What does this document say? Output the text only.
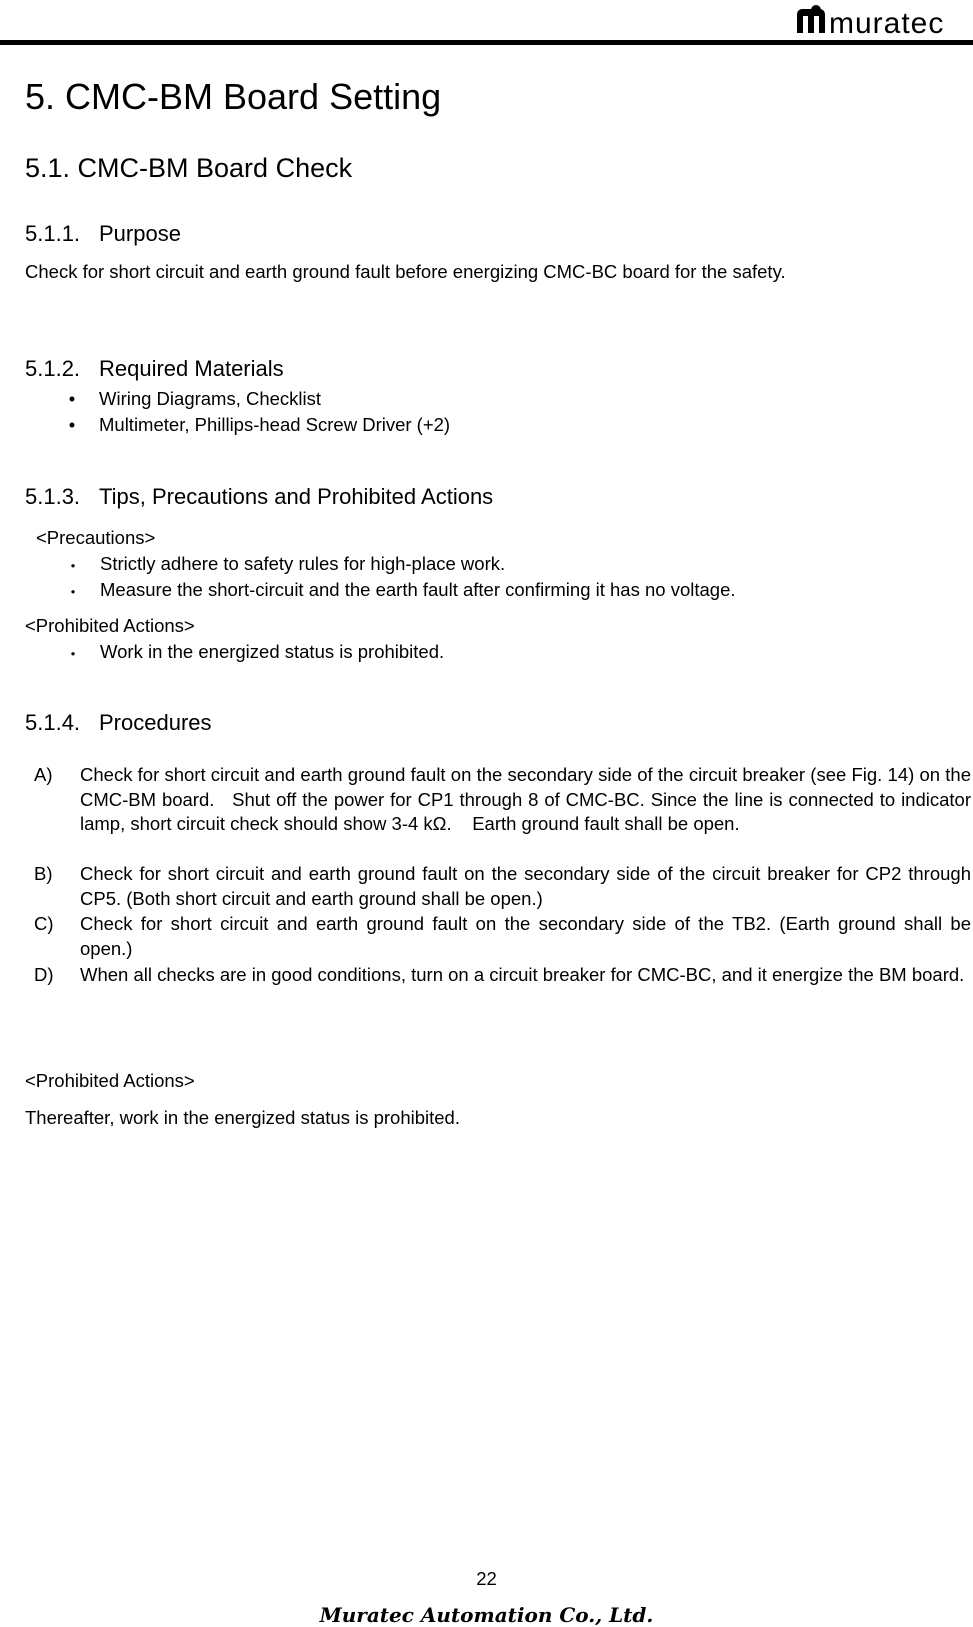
muratec
5. CMC-BM Board Setting
5.1. CMC-BM Board Check
5.1.1. Purpose

Check for short circuit and earth ground fault before energizing CMC-BC board for the safety.

5.1.2. Required Materials
•	Wiring Diagrams, Checklist
•	Multimeter, Phillips-head Screw Driver (+2)
5.1.3. Tips, Precautions and Prohibited Actions

<Precautions>

･ Strictly adhere to safety rules for high-place work.
･ Measure the short-circuit and the earth fault after confirming it has no voltage.

<Prohibited Actions>

･ Work in the energized status is prohibited.
5.1.4. Procedures
A) Check for short circuit and earth ground fault on the secondary side of the circuit breaker (see Fig. 14) on the CMC-BM board.   Shut off the power for CP1 through 8 of CMC-BC. Since the line is connected to indicator lamp, short circuit check should show 3-4 kΩ.    Earth ground fault shall be open.
B) Check for short circuit and earth ground fault on the secondary side of the circuit breaker for CP2 through CP5. (Both short circuit and earth ground shall be open.)
C) Check for short circuit and earth ground fault on the secondary side of the TB2. (Earth ground shall be open.)
D) When all checks are in good conditions, turn on a circuit breaker for CMC-BC, and it energize the BM board.

<Prohibited Actions>

Thereafter, work in the energized status is prohibited.

22
Muratec Automation Co., Ltd.
